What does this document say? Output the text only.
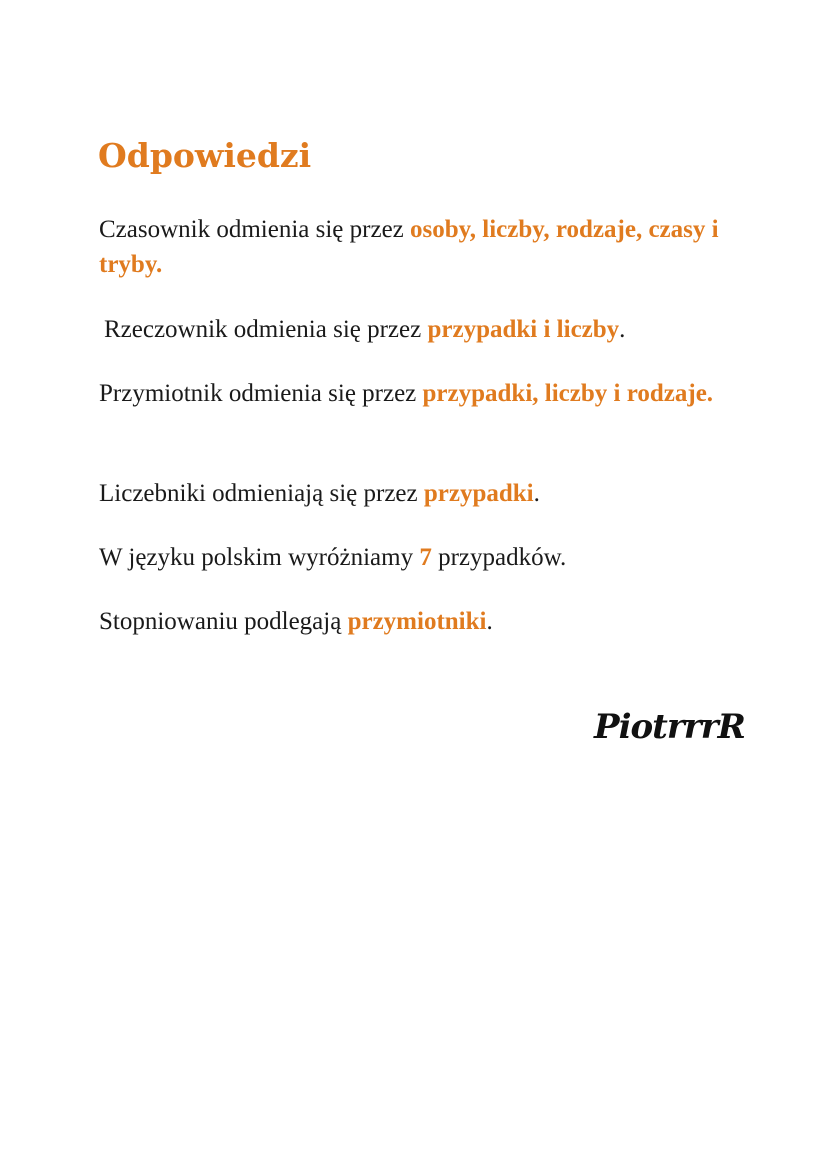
Odpowiedzi

Czasownik odmienia się przez osoby, liczby, rodzaje, czasy i tryby.

Rzeczownik odmienia się przez przypadki i liczby.

Przymiotnik odmienia się przez przypadki, liczby i rodzaje.

Liczebniki odmieniają się przez przypadki.

W języku polskim wyróżniamy 7 przypadków.

Stopniowaniu podlegają przymiotniki.

PiotrrrR
